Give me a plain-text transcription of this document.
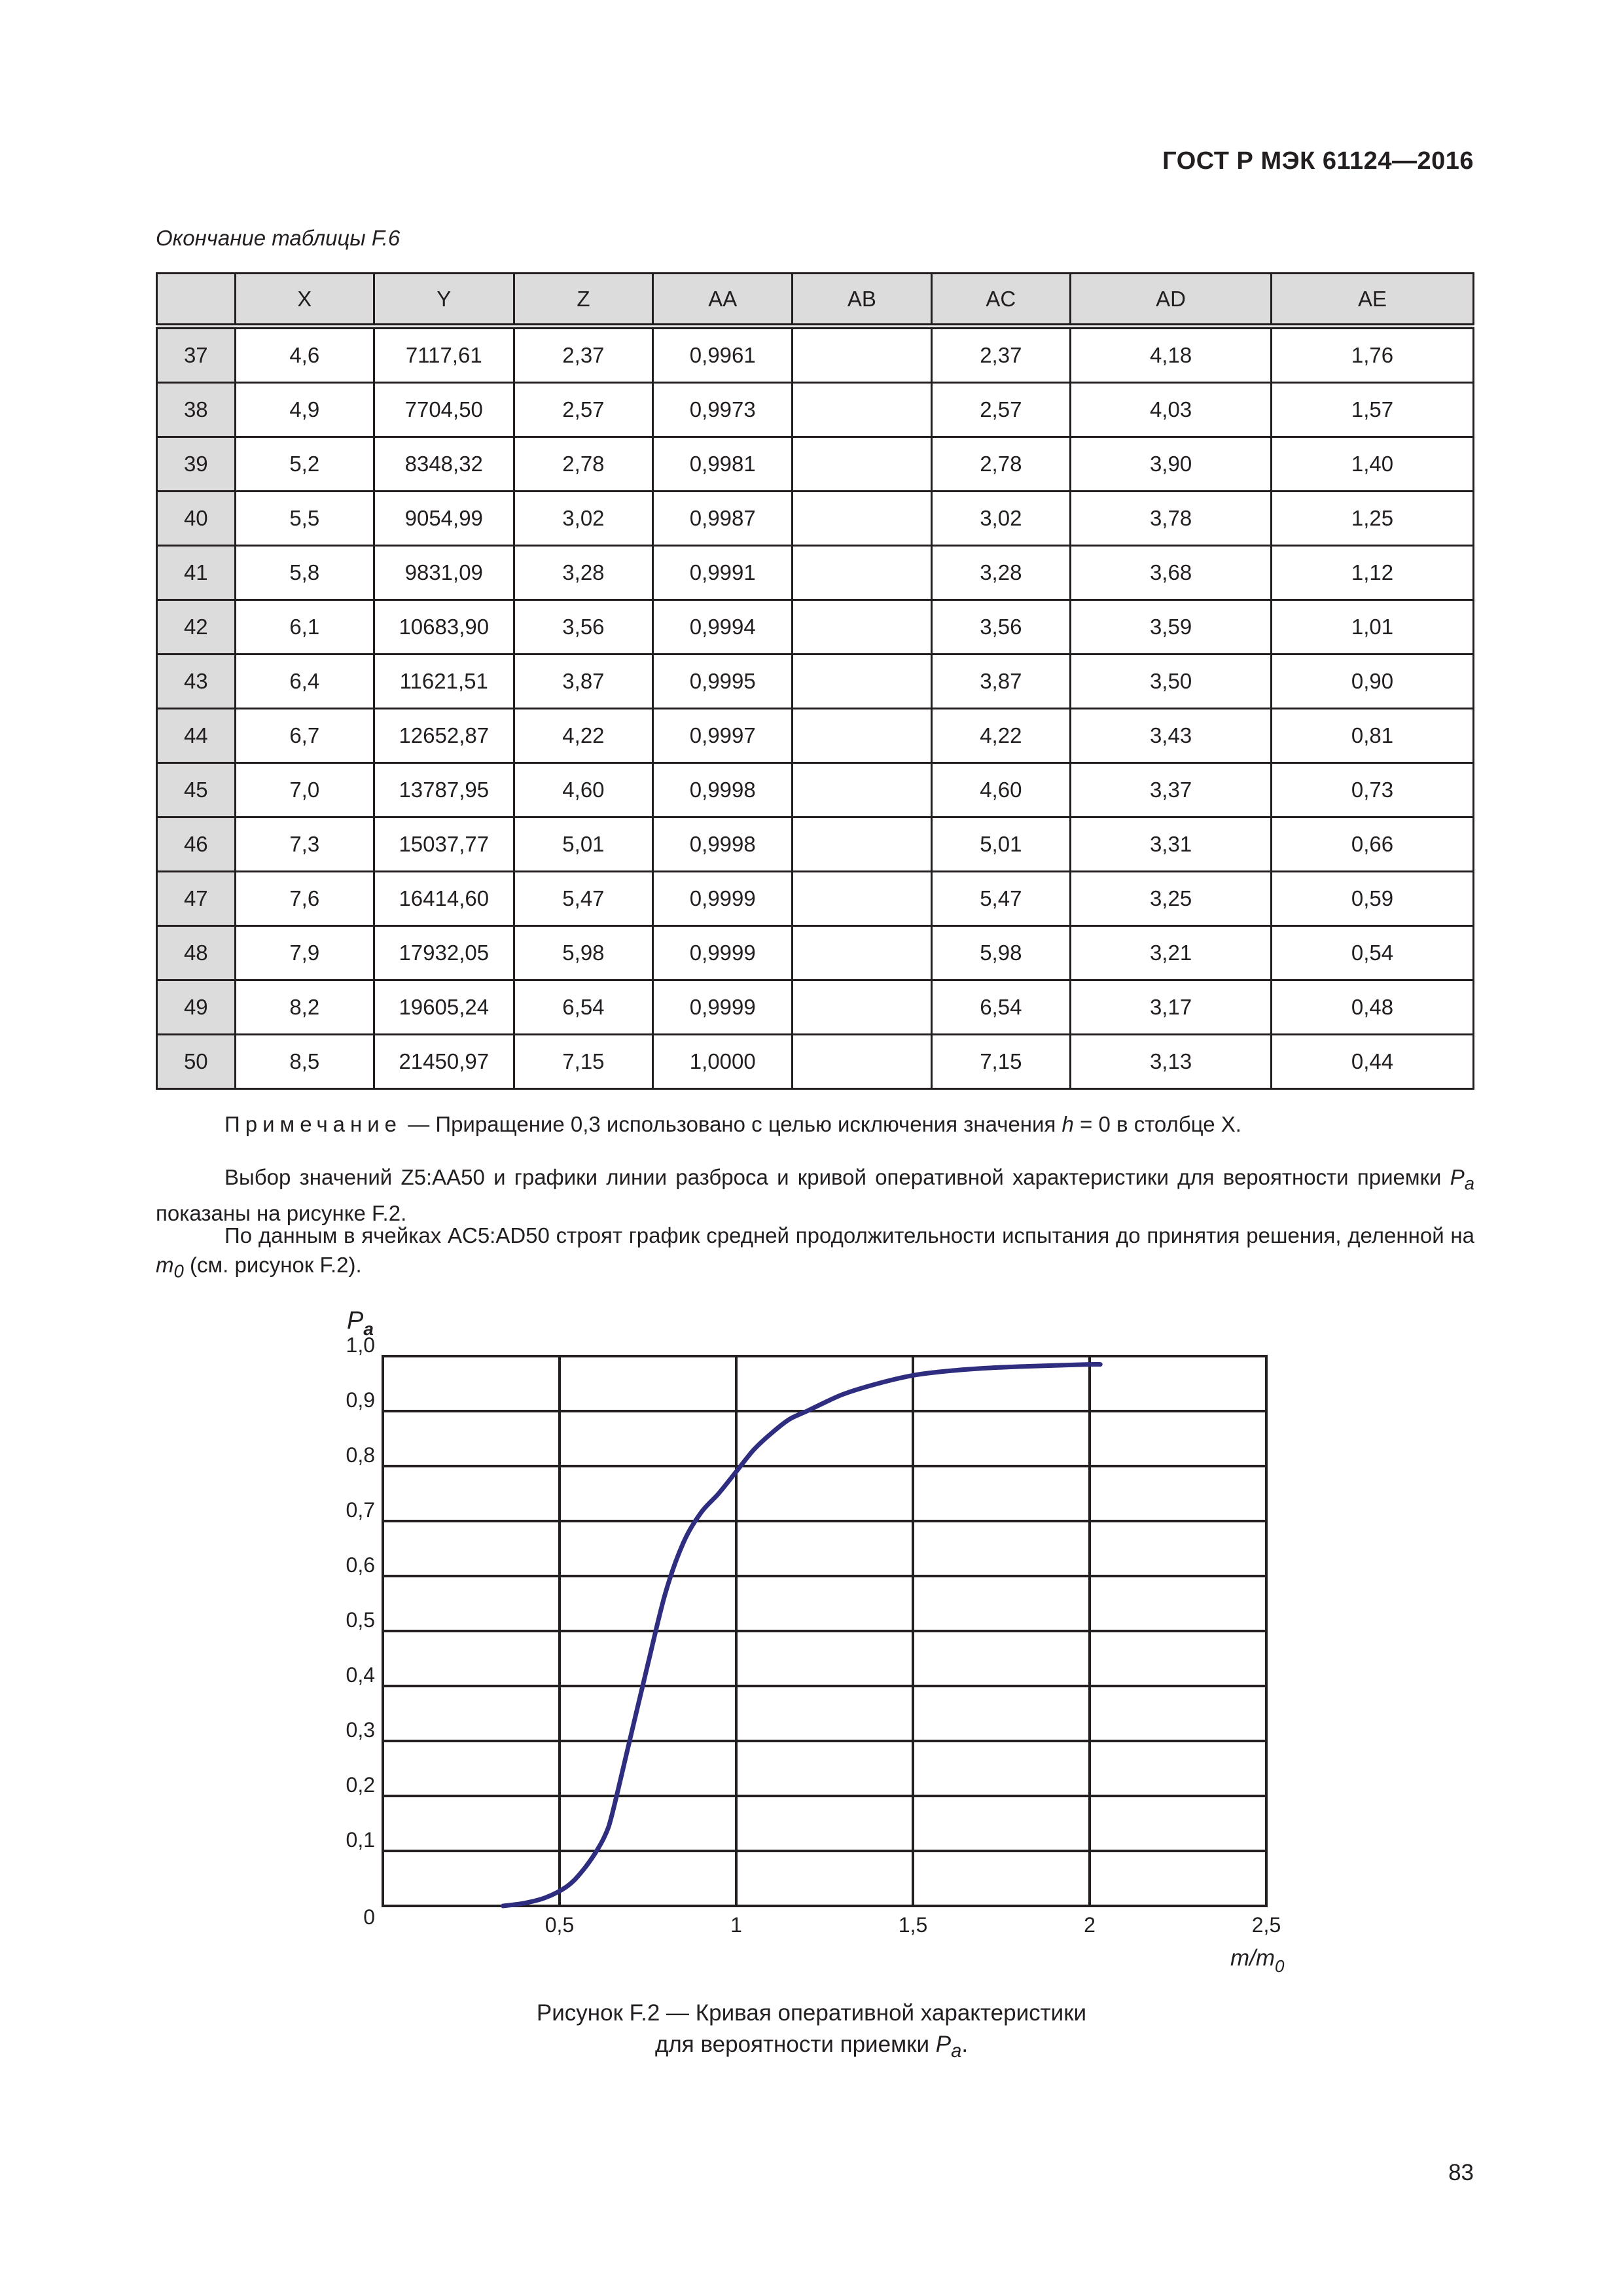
ГОСТ Р МЭК 61124—2016
Окончание таблицы F.6
	X	Y	Z	AA	AB	AC	AD	AE
37	4,6	7117,61	2,37	0,9961		2,37	4,18	1,76
38	4,9	7704,50	2,57	0,9973		2,57	4,03	1,57
39	5,2	8348,32	2,78	0,9981		2,78	3,90	1,40
40	5,5	9054,99	3,02	0,9987		3,02	3,78	1,25
41	5,8	9831,09	3,28	0,9991		3,28	3,68	1,12
42	6,1	10683,90	3,56	0,9994		3,56	3,59	1,01
43	6,4	11621,51	3,87	0,9995		3,87	3,50	0,90
44	6,7	12652,87	4,22	0,9997		4,22	3,43	0,81
45	7,0	13787,95	4,60	0,9998		4,60	3,37	0,73
46	7,3	15037,77	5,01	0,9998		5,01	3,31	0,66
47	7,6	16414,60	5,47	0,9999		5,47	3,25	0,59
48	7,9	17932,05	5,98	0,9999		5,98	3,21	0,54
49	8,2	19605,24	6,54	0,9999		6,54	3,17	0,48
50	8,5	21450,97	7,15	1,0000		7,15	3,13	0,44
Примечание — Приращение 0,3 использовано с целью исключения значения h = 0 в столбце X.
Выбор значений Z5:AA50 и графики линии разброса и кривой оперативной характеристики для вероятности приемки $P_a$ показаны на рисунке F.2.
По данным в ячейках AC5:AD50 строят график средней продолжительности испытания до принятия решения, деленной на $m_0$ (см. рисунок F.2).
0
0,1
0,2
0,3
0,4
0,5
0,6
0,7
0,8
0,9
1,0
0,5	1	1,5	2	2,5
$P_a$
$m/m_0$
Рисунок F.2 — Кривая оперативной характеристики
для вероятности приемки $P_a$.
83
